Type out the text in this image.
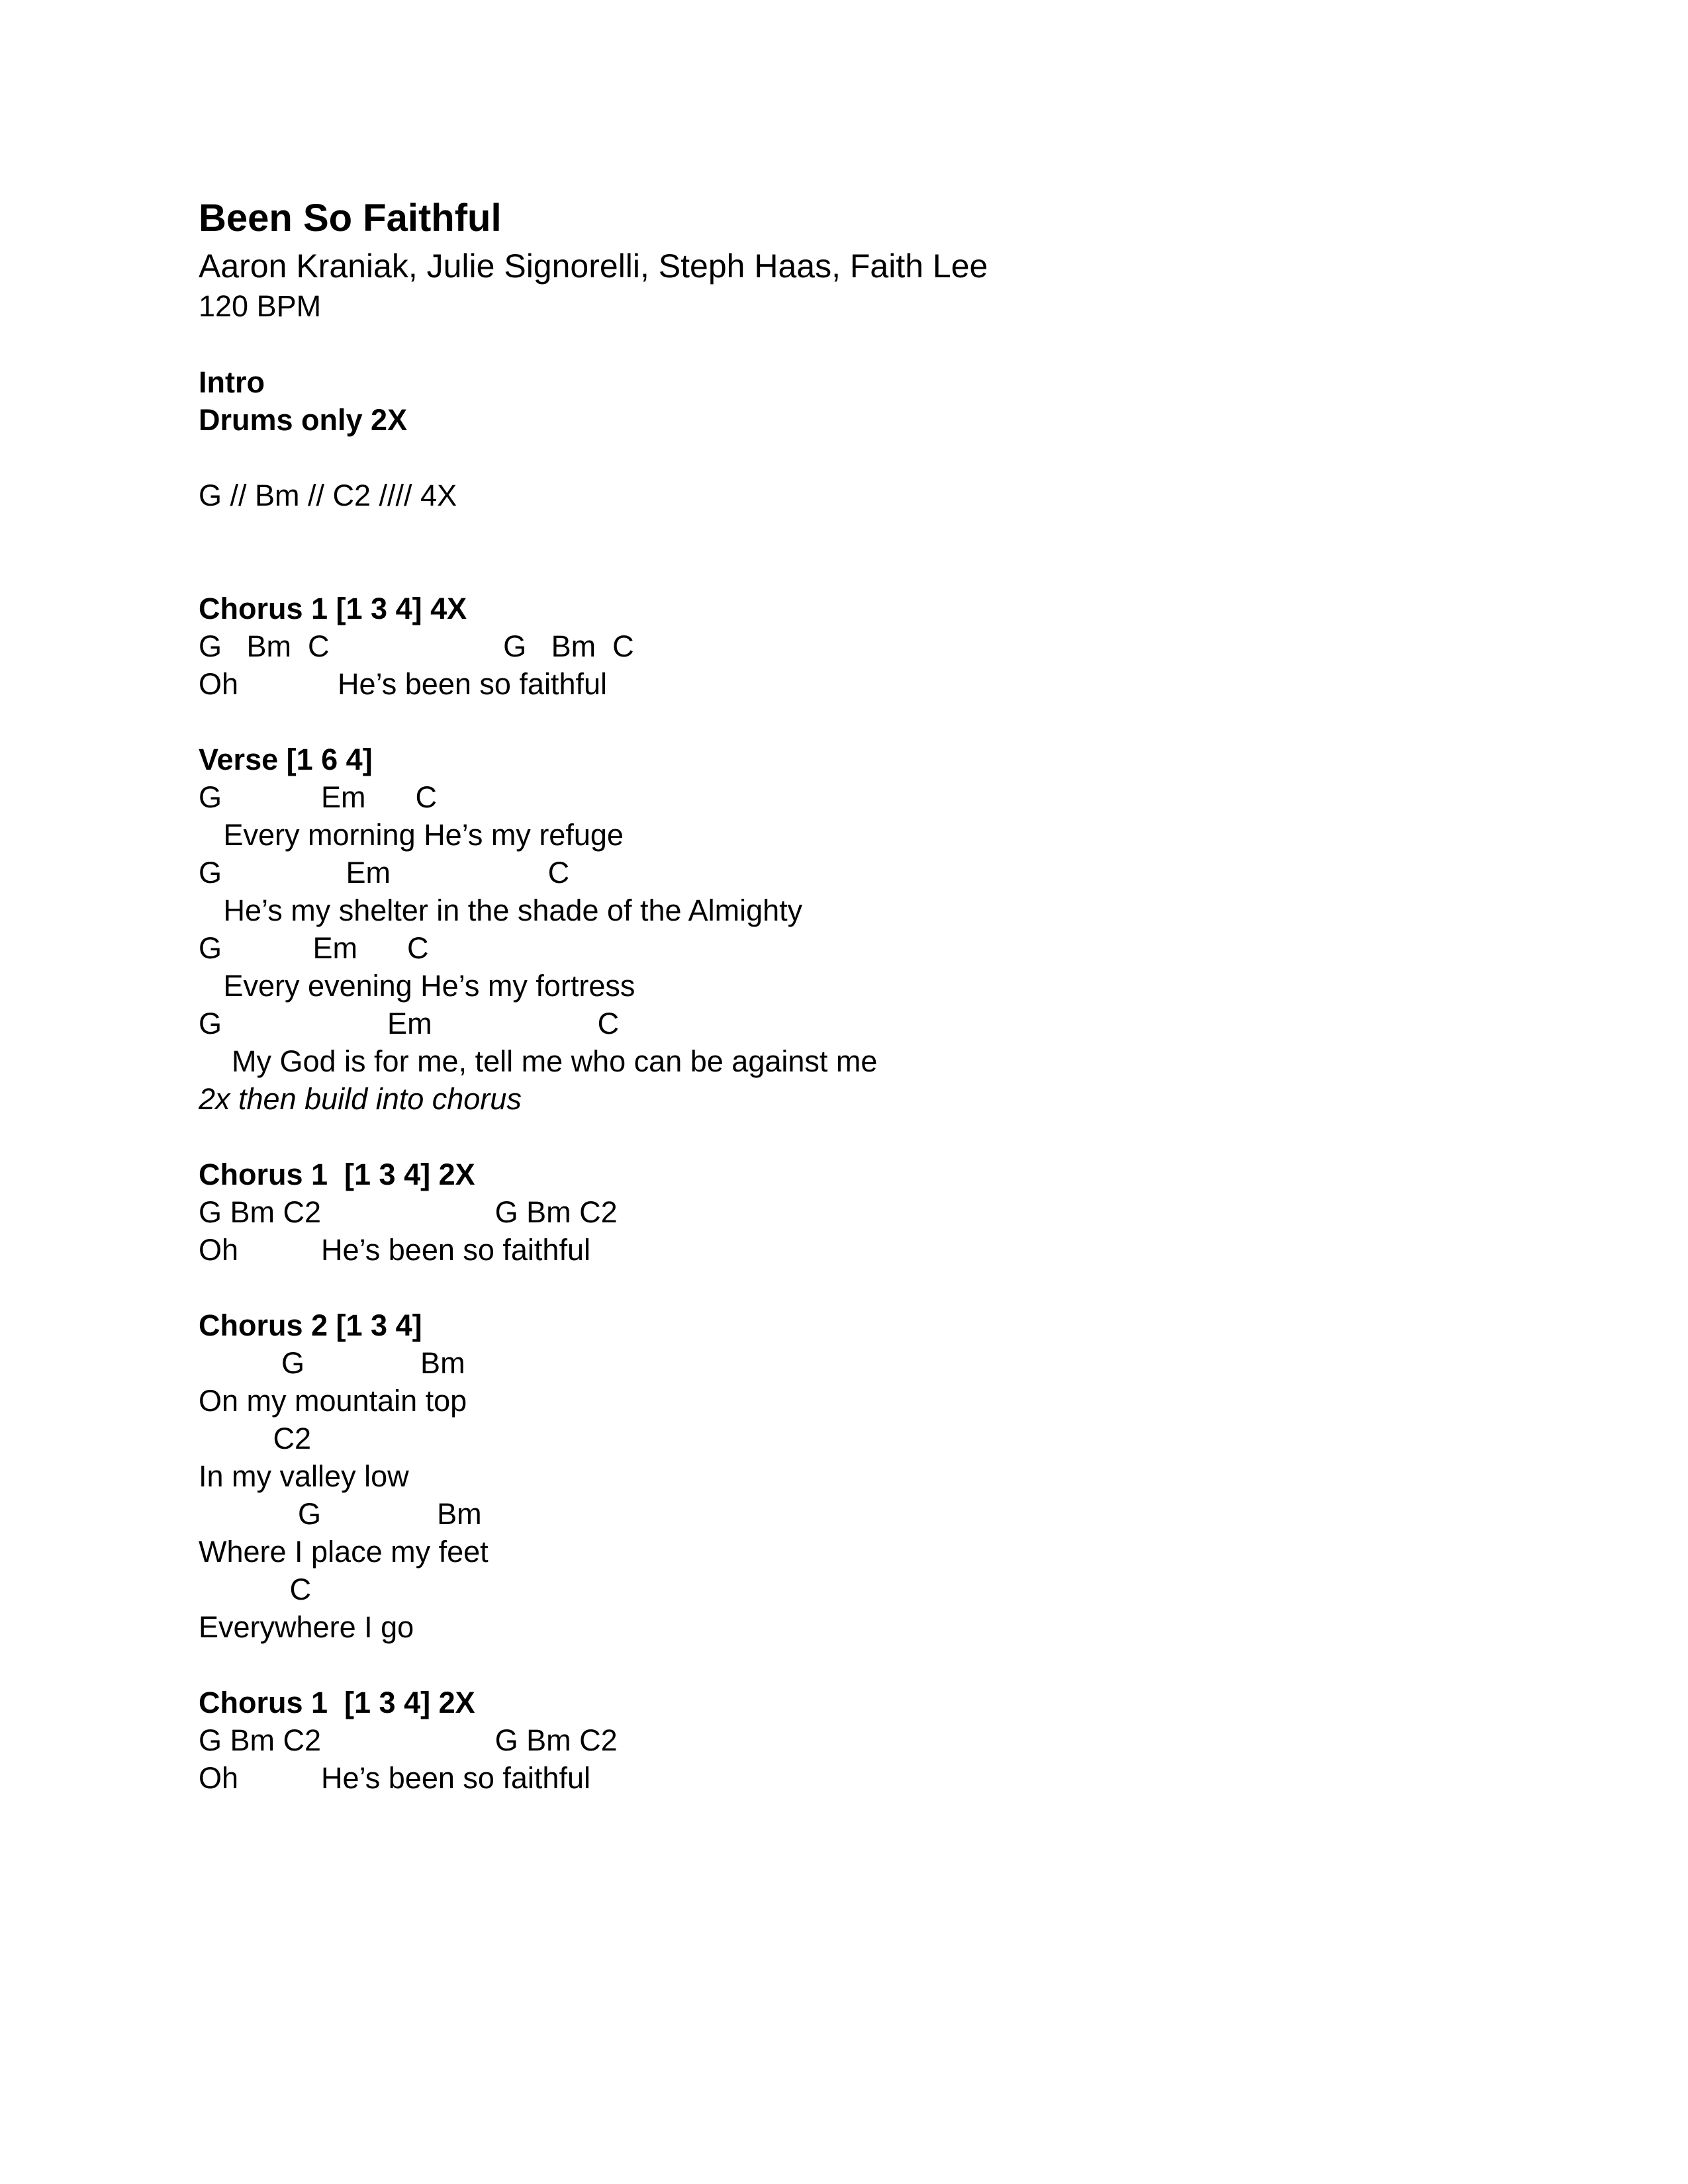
Been So Faithful
Aaron Kraniak, Julie Signorelli, Steph Haas, Faith Lee
120 BPM
Intro
Drums only 2X
G // Bm // C2 //// 4X
Chorus 1 [1 3 4] 4X
G   Bm  C                     G   Bm  C
Oh            He’s been so faithful
Verse [1 6 4]
G            Em      C
Every morning He’s my refuge
G               Em                   C
He’s my shelter in the shade of the Almighty
G           Em      C
Every evening He’s my fortress
G                    Em                    C
My God is for me, tell me who can be against me
2x then build into chorus
Chorus 1  [1 3 4] 2X
G Bm C2                     G Bm C2
Oh          He’s been so faithful
Chorus 2 [1 3 4]
G              Bm
On my mountain top
C2
In my valley low
G              Bm
Where I place my feet
C
Everywhere I go
Chorus 1  [1 3 4] 2X
G Bm C2                     G Bm C2
Oh          He’s been so faithful
